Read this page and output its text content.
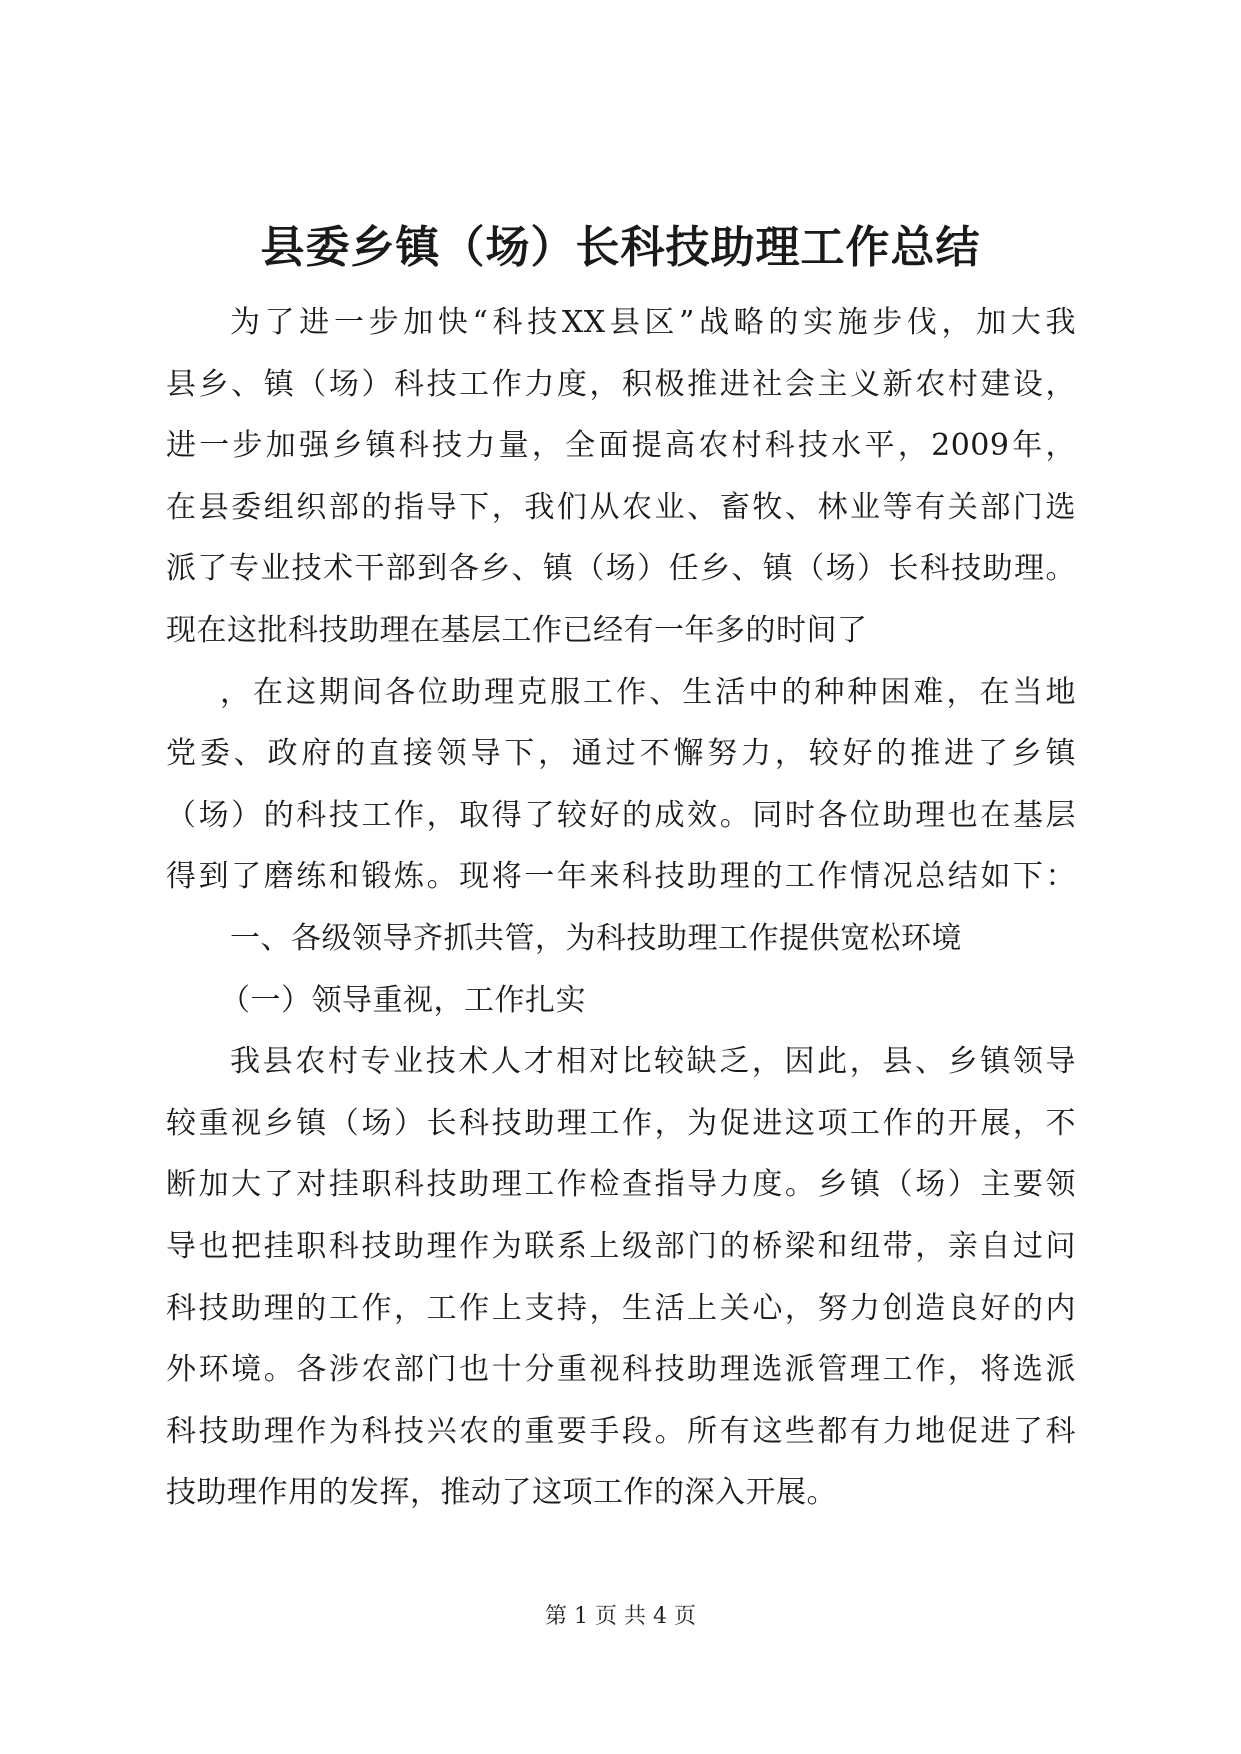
县委乡镇（场）长科技助理工作总结
为了进一步加快“科技XX县区”战略的实施步伐，加大我
县乡、镇（场）科技工作力度，积极推进社会主义新农村建设，
进一步加强乡镇科技力量，全面提高农村科技水平，2009年，
在县委组织部的指导下，我们从农业、畜牧、林业等有关部门选
派了专业技术干部到各乡、镇（场）任乡、镇（场）长科技助理。
现在这批科技助理在基层工作已经有一年多的时间了
，在这期间各位助理克服工作、生活中的种种困难，在当地
党委、政府的直接领导下，通过不懈努力，较好的推进了乡镇
（场）的科技工作，取得了较好的成效。同时各位助理也在基层
得到了磨练和锻炼。现将一年来科技助理的工作情况总结如下：
一、各级领导齐抓共管，为科技助理工作提供宽松环境
（一）领导重视，工作扎实
我县农村专业技术人才相对比较缺乏，因此，县、乡镇领导
较重视乡镇（场）长科技助理工作，为促进这项工作的开展，不
断加大了对挂职科技助理工作检查指导力度。乡镇（场）主要领
导也把挂职科技助理作为联系上级部门的桥梁和纽带，亲自过问
科技助理的工作，工作上支持，生活上关心，努力创造良好的内
外环境。各涉农部门也十分重视科技助理选派管理工作，将选派
科技助理作为科技兴农的重要手段。所有这些都有力地促进了科
技助理作用的发挥，推动了这项工作的深入开展。
第 1 页 共 4 页
